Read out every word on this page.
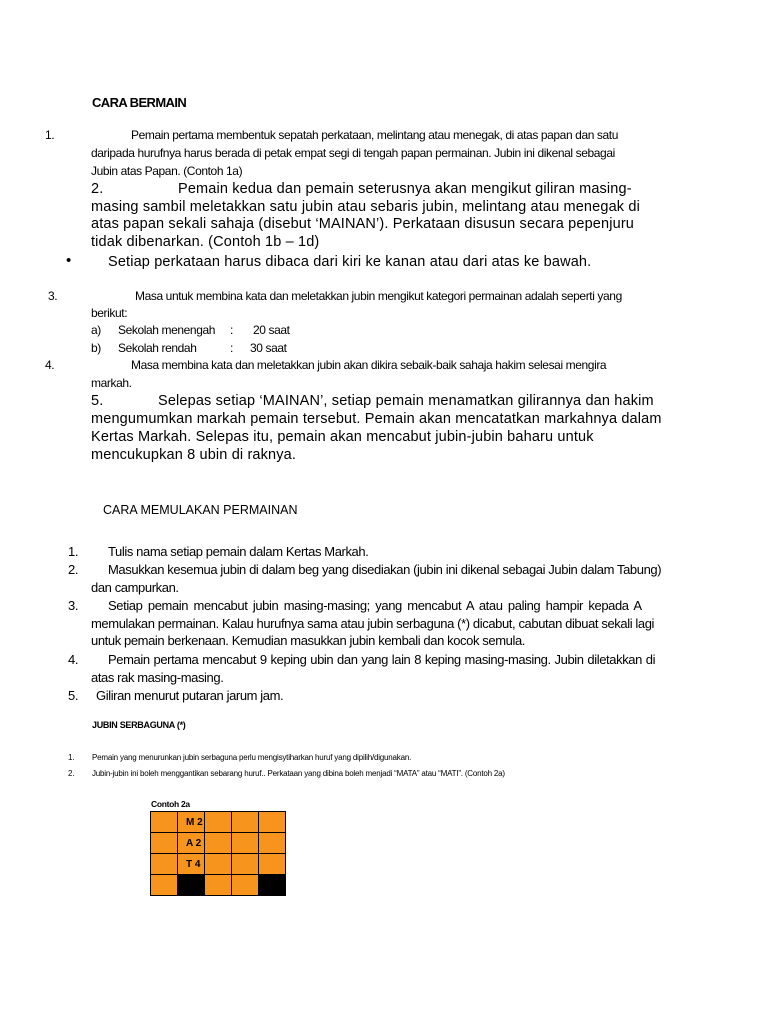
CARA BERMAIN
1.	Pemain pertama membentuk sepatah perkataan, melintang atau menegak, di atas papan dan satu
daripada hurufnya harus berada di petak empat segi di tengah papan permainan. Jubin ini dikenal sebagai
Jubin atas Papan. (Contoh 1a)
2.	Pemain kedua dan pemain seterusnya akan mengikut giliran masing-
masing sambil meletakkan satu jubin atau sebaris jubin, melintang atau menegak di
atas papan sekali sahaja (disebut ‘MAINAN’). Perkataan disusun secara pepenjuru
tidak dibenarkan. (Contoh 1b – 1d)
•	Setiap perkataan harus dibaca dari kiri ke kanan atau dari atas ke bawah.
3.	Masa untuk membina kata dan meletakkan jubin mengikut kategori permainan adalah seperti yang
berikut:
a) Sekolah menengah : 20 saat
b) Sekolah rendah	: 30 saat
4.	Masa membina kata dan meletakkan jubin akan dikira sebaik-baik sahaja hakim selesai mengira
markah.
5.	Selepas setiap ‘MAINAN’, setiap pemain menamatkan gilirannya dan hakim
mengumumkan markah pemain tersebut. Pemain akan mencatatkan markahnya dalam
Kertas Markah. Selepas itu, pemain akan mencabut jubin-jubin baharu untuk
mencukupkan 8 ubin di raknya.
CARA MEMULAKAN PERMAINAN
1. Tulis nama setiap pemain dalam Kertas Markah.
2. Masukkan kesemua jubin di dalam beg yang disediakan (jubin ini dikenal sebagai Jubin dalam Tabung)
dan campurkan.
3. Setiap pemain mencabut jubin masing-masing; yang mencabut A atau paling hampir kepada A
memulakan permainan. Kalau hurufnya sama atau jubin serbaguna (*) dicabut, cabutan dibuat sekali lagi
untuk pemain berkenaan. Kemudian masukkan jubin kembali dan kocok semula.
4. Pemain pertama mencabut 9 keping ubin dan yang lain 8 keping masing-masing. Jubin diletakkan di
atas rak masing-masing.
5. Giliran menurut putaran jarum jam.
JUBIN SERBAGUNA (*)
1. Pemain yang menurunkan jubin serbaguna perlu mengisytiharkan huruf yang dipilih/digunakan.
2. Jubin-jubin ini boleh menggantikan sebarang huruf.. Perkataan yang dibina boleh menjadi “MATA” atau “MATI”. (Contoh 2a)
Contoh 2a
	M 2			
	A 2			
	T 4			
